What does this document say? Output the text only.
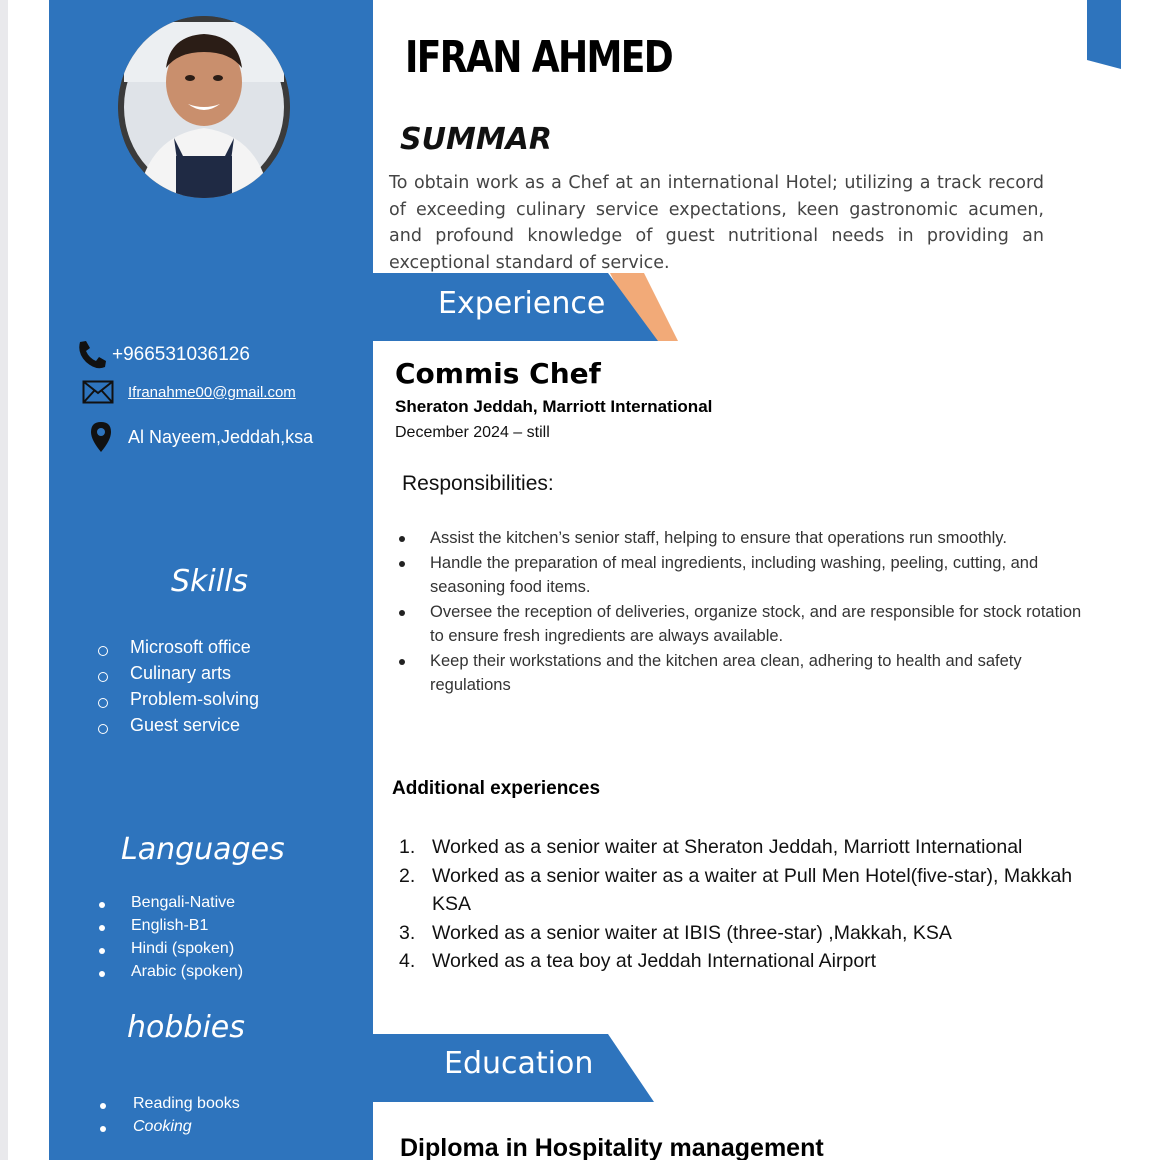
+966531036126
Ifranahme00@gmail.com
Al Nayeem,Jeddah,ksa
Skills
Microsoft office
Culinary arts
Problem-solving
Guest service
Languages
Bengali-Native
English-B1
Hindi (spoken)
Arabic (spoken)
hobbies
Reading books
Cooking
IFRAN AHMED
SUMMAR

To obtain work as a Chef at an international Hotel; utilizing a track record of exceeding culinary service expectations, keen gastronomic acumen, and profound knowledge of guest nutritional needs in providing an exceptional standard of service.

Experience
Commis Chef
Sheraton Jeddah, Marriott International
December 2024 – still
Responsibilities:
Assist the kitchen’s senior staff, helping to ensure that operations run smoothly.
Handle the preparation of meal ingredients, including washing, peeling, cutting, and seasoning food items.
Oversee the reception of deliveries, organize stock, and are responsible for stock rotation to ensure fresh ingredients are always available.
Keep their workstations and the kitchen area clean, adhering to health and safety regulations
Additional experiences
1. Worked as a senior waiter at Sheraton Jeddah, Marriott International
2. Worked as a senior waiter as a waiter at Pull Men Hotel(five-star), Makkah KSA
3. Worked as a senior waiter at IBIS (three-star) ,Makkah, KSA
4. Worked as a tea boy at Jeddah International Airport
Education
Diploma in Hospitality management
